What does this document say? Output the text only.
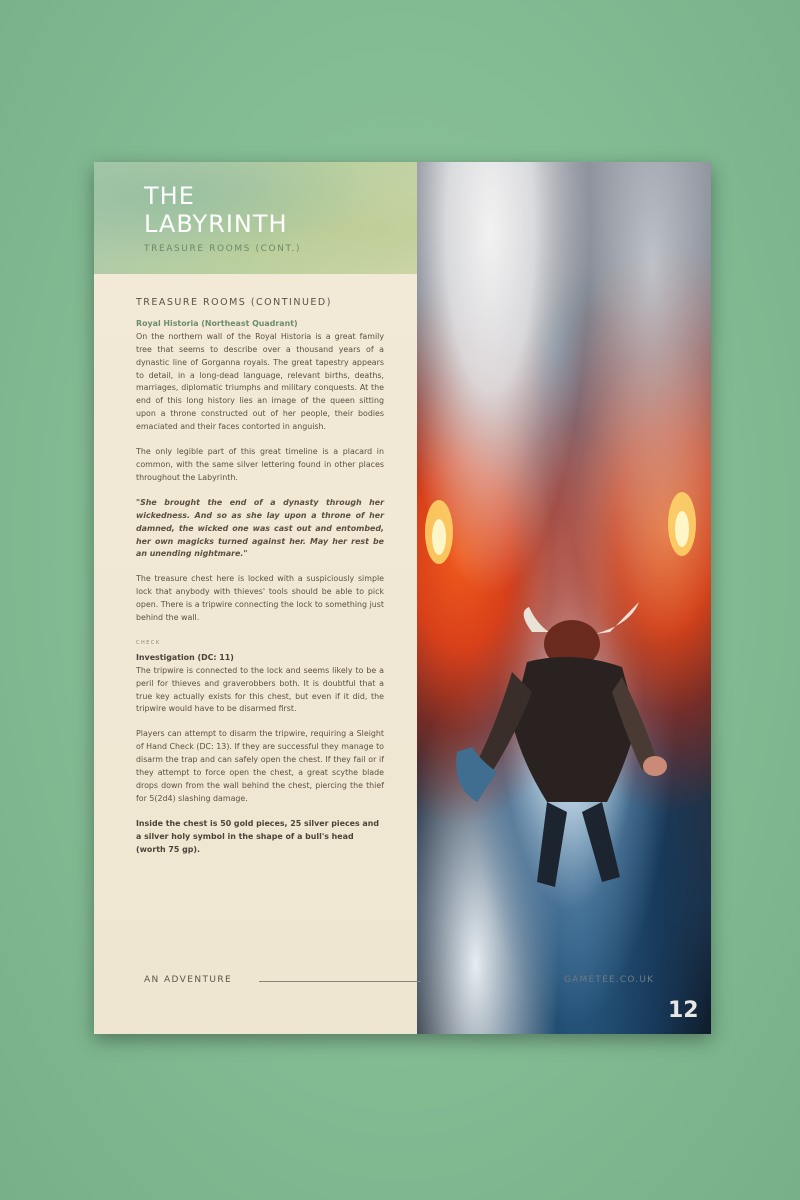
THE
LABYRINTH
TREASURE ROOMS (CONT.)
TREASURE ROOMS (CONTINUED)
Royal Historia (Northeast Quadrant)

On the northern wall of the Royal Historia is a great family tree that seems to describe over a thousand years of a dynastic line of Gorganna royals. The great tapestry appears to detail, in a long-dead language, relevant births, deaths, marriages, diplomatic triumphs and military conquests. At the end of this long history lies an image of the queen sitting upon a throne constructed out of her people, their bodies emaciated and their faces contorted in anguish.

The only legible part of this great timeline is a placard in common, with the same silver lettering found in other places throughout the Labyrinth.

"She brought the end of a dynasty through her wickedness. And so as she lay upon a throne of her damned, the wicked one was cast out and entombed, her own magicks turned against her. May her rest be an unending nightmare."

The treasure chest here is locked with a suspiciously simple lock that anybody with thieves' tools should be able to pick open. There is a tripwire connecting the lock to something just behind the wall.

CHECK
Investigation (DC: 11)

The tripwire is connected to the lock and seems likely to be a peril for thieves and graverobbers both. It is doubtful that a true key actually exists for this chest, but even if it did, the tripwire would have to be disarmed first.

Players can attempt to disarm the tripwire, requiring a Sleight of Hand Check (DC: 13). If they are successful they manage to disarm the trap and can safely open the chest. If they fail or if they attempt to force open the chest, a great scythe blade drops down from the wall behind the chest, piercing the thief for 5(2d4) slashing damage.

Inside the chest is 50 gold pieces, 25 silver pieces and a silver holy symbol in the shape of a bull's head (worth 75 gp).

AN ADVENTURE	GAMETEE.CO.UK
12
